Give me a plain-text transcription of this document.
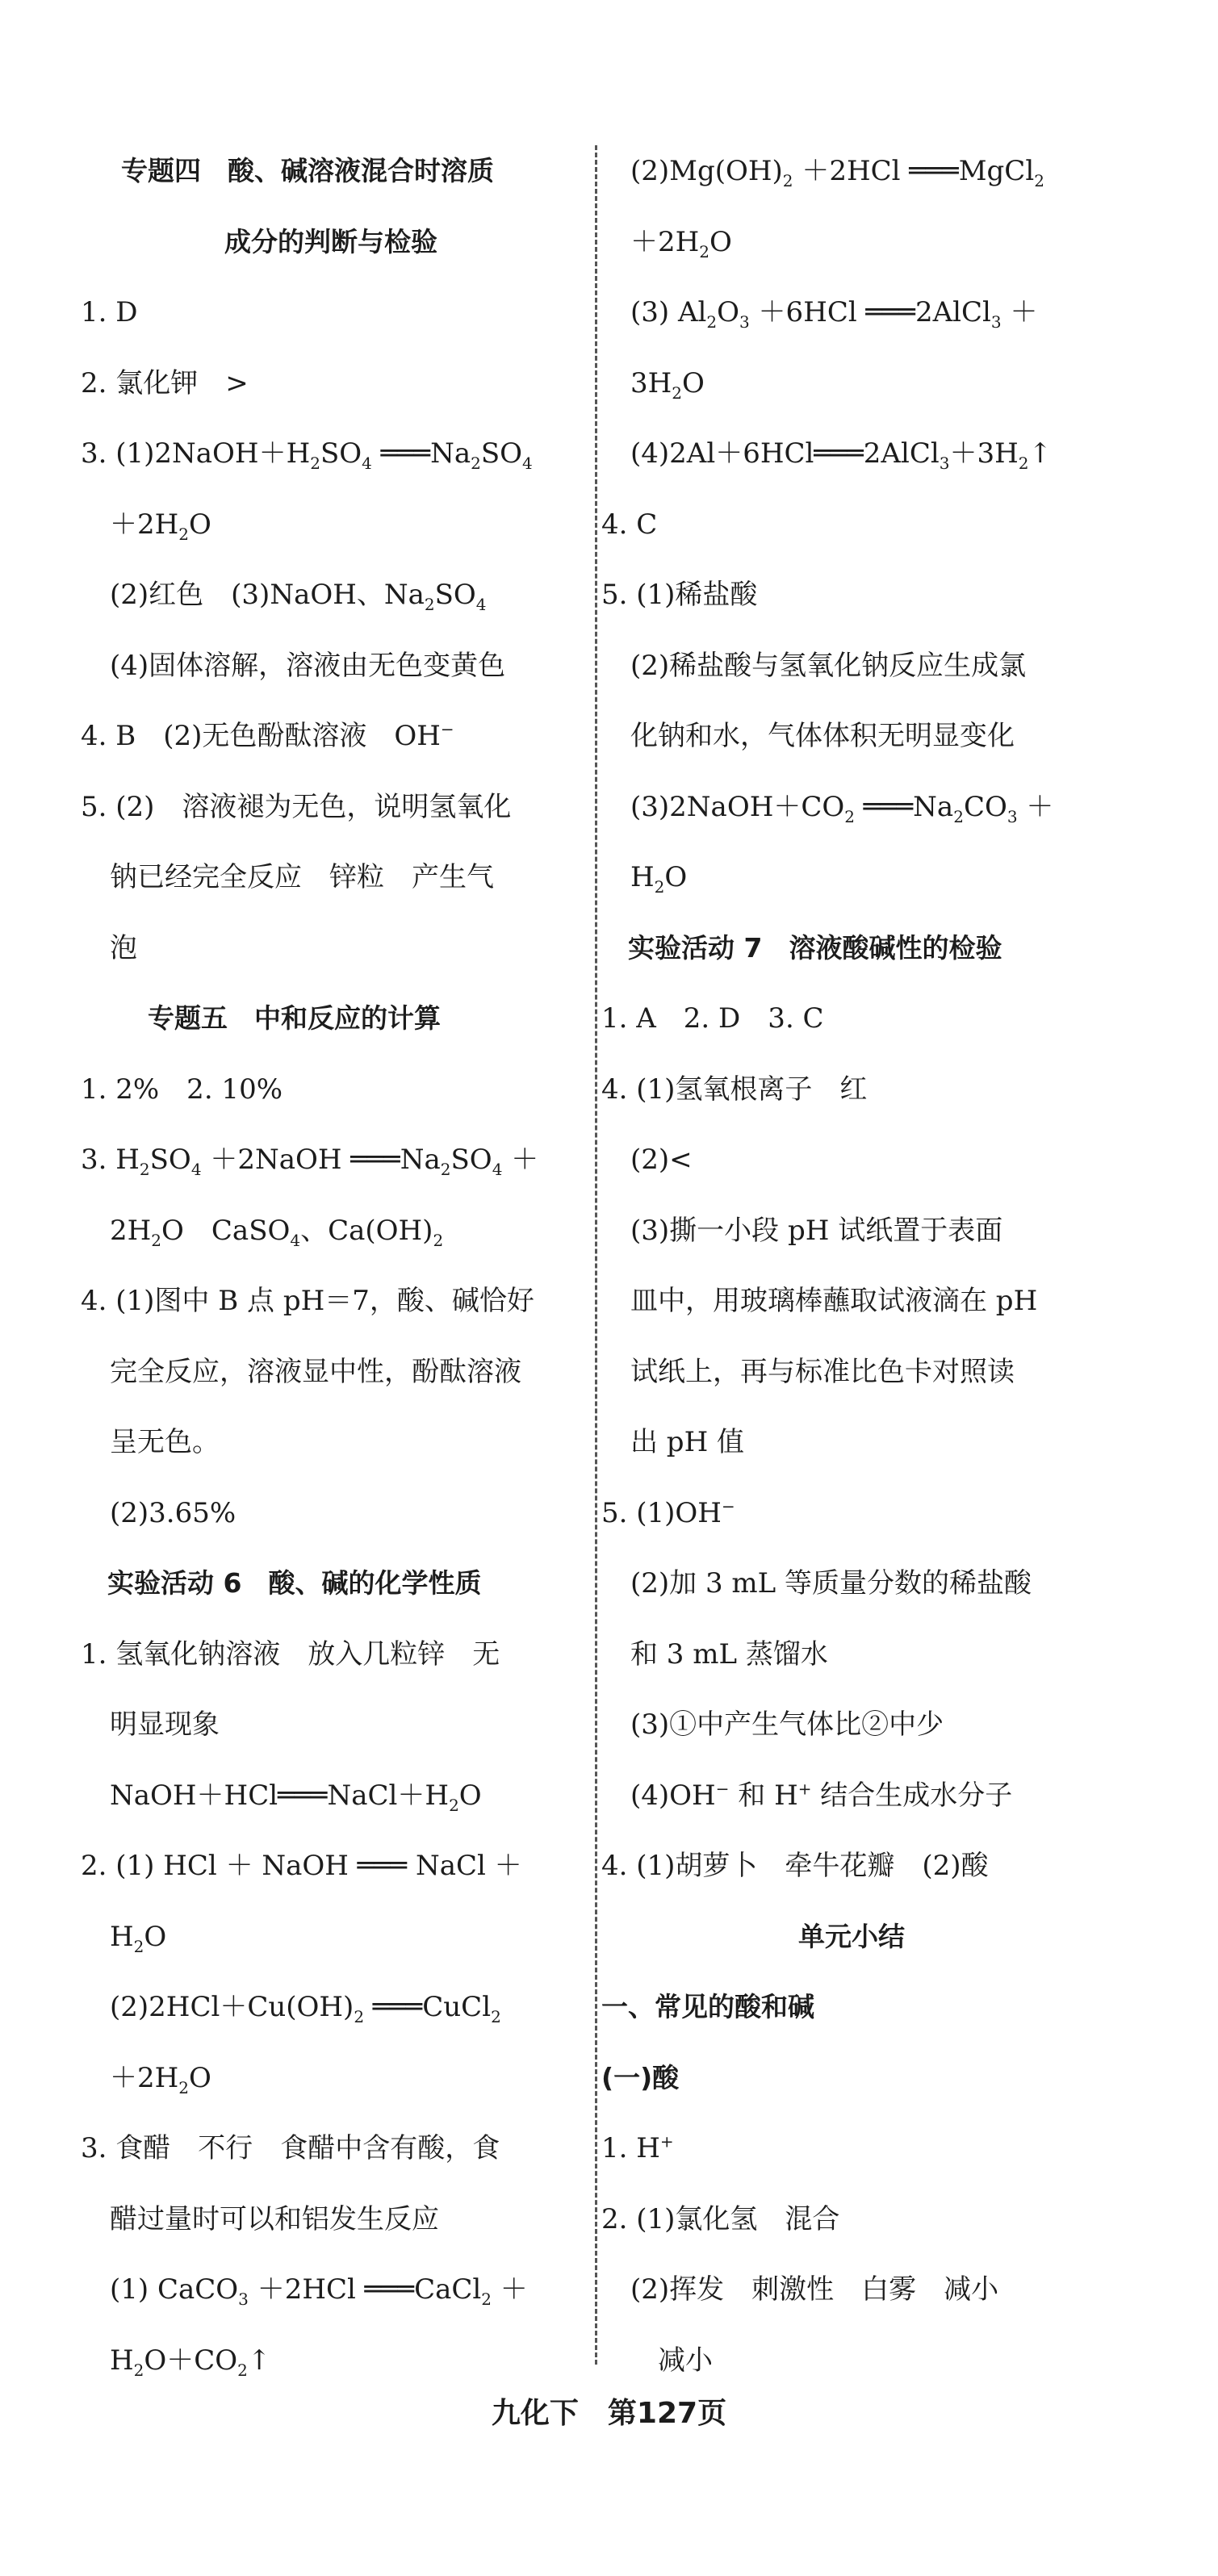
专题四　酸、碱溶液混合时溶质
成分的判断与检验
1. D
2. 氯化钾　>
3. $(1)2NaOH+H_2SO_4$ $═══Na_2SO_4$
$+2H_2O$
(2)红色　(3)NaOH、$Na_2SO_4$
(4)固体溶解，溶液由无色变黄色
4. B　(2)无色酚酞溶液　OH−
5. (2)　溶液褪为无色，说明氢氧化
钠已经完全反应　锌粒　产生气
泡
　专题五　中和反应的计算
1. 2%　2. 10%
3. $H_2SO_4$ ＋2NaOH $═══Na_2SO_4$ ＋
$2H_2O$　CaSO$_4$、$Ca(OH)_2$
4. (1)图中 B 点 pH＝7，酸、碱恰好
完全反应，溶液显中性，酚酞溶液
呈无色。
(2)3.65%
　实验活动 6　酸、碱的化学性质
1. 氢氧化钠溶液　放入几粒锌　无
明显现象
$NaOH+HCl═══NaCl+H_2O$
2. (1) HCl ＋ NaOH ═══ NaCl ＋
$H_2O$
$(2)2HCl+Cu(OH)_2$ ═══CuCl$_2$
$+2H_2O$
3. 食醋　不行　食醋中含有酸，食
醋过量时可以和铝发生反应
(1) CaCO$_3$ ＋2HCl ═══CaCl$_2$ ＋
$H_2O+CO_2↑$
$(2)Mg(OH)_2 +2HCl$ ═══MgCl$_2$
$+2H_2O$
(3) $Al_2O_3 +6HCl$ ═══2AlCl$_3$ ＋
$3H_2O$
$(4)2Al+6HCl═══2AlCl_3+3H_2↑$
4. C
5. (1)稀盐酸
(2)稀盐酸与氢氧化钠反应生成氯
化钠和水，气体体积无明显变化
$(3)2NaOH+CO_2$ $═══Na_2CO_3$ ＋
$H_2O$
　实验活动 7　溶液酸碱性的检验
1. A　2. D　3. C
4. (1)氢氧根离子　红
(2)<
(3)撕一小段 pH 试纸置于表面
皿中，用玻璃棒蘸取试液滴在 pH
试纸上，再与标准比色卡对照读
出 pH 值
5. (1)OH−
(2)加 3 mL 等质量分数的稀盐酸
和 3 mL 蒸馏水
(3)①中产生气体比②中少
(4)OH− 和 H+ 结合生成水分子
4. (1)胡萝卜　牵牛花瓣　(2)酸
单元小结
一、常见的酸和碱
(一)酸
1. H+
2. (1)氯化氢　混合
(2)挥发　刺激性　白雾　减小
　减小
九化下　第127页
